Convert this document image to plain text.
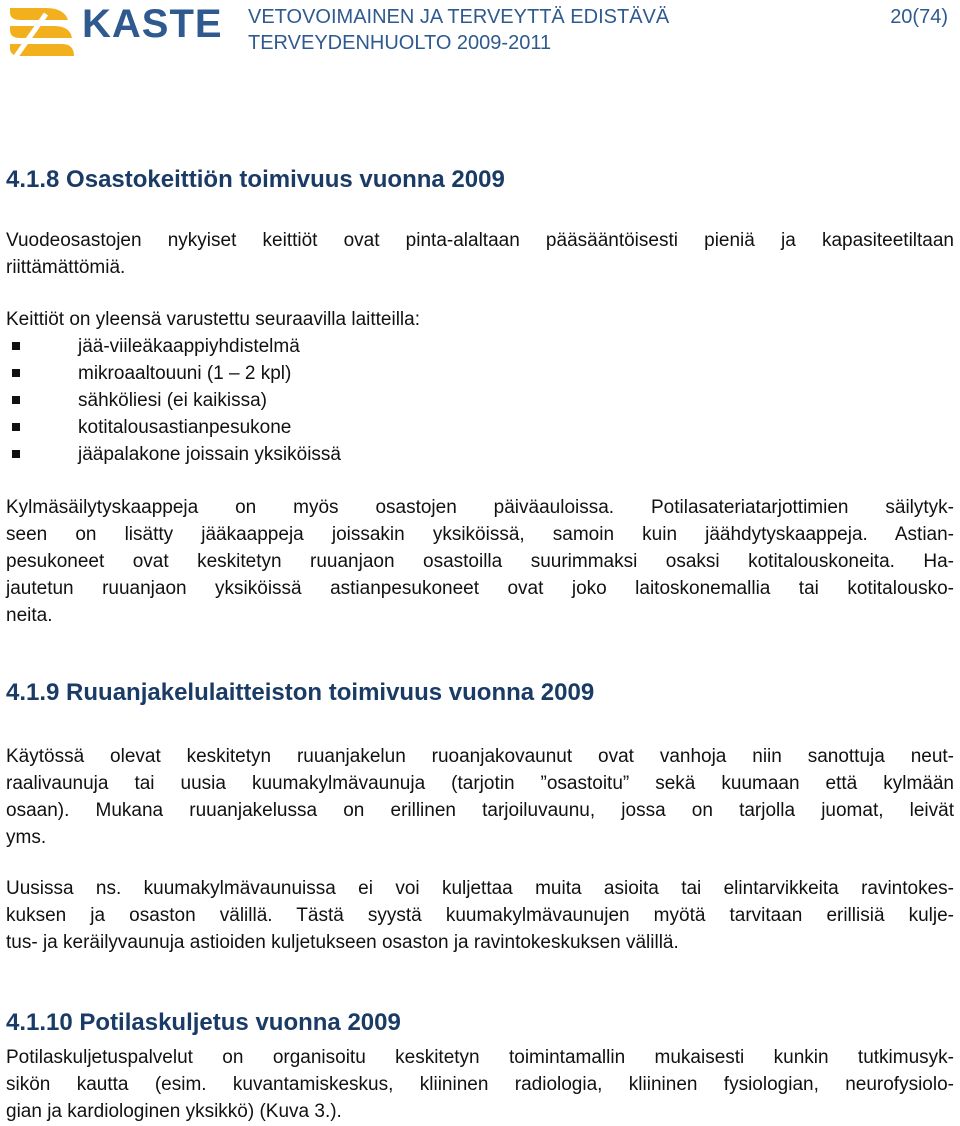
KASTE VETOVOIMAINEN JA TERVEYTTÄ EDISTÄVÄ
TERVEYDENHUOLTO 2009-2011
20(74)
4.1.8 Osastokeittiön toimivuus vuonna 2009
Vuodeosastojen nykyiset keittiöt ovat pinta-alaltaan pääsääntöisesti pieniä ja kapasiteetiltaan
riittämättömiä.
Keittiöt on yleensä varustettu seuraavilla laitteilla:
jää-viileäkaappiyhdistelmä
mikroaaltouuni (1 – 2 kpl)
sähköliesi (ei kaikissa)
kotitalousastianpesukone
jääpalakone joissain yksiköissä
Kylmäsäilytyskaappeja on myös osastojen päiväauloissa. Potilasateriatarjottimien säilytyk-
seen on lisätty jääkaappeja joissakin yksiköissä, samoin kuin jäähdytyskaappeja. Astian-
pesukoneet ovat keskitetyn ruuanjaon osastoilla suurimmaksi osaksi kotitalouskoneita. Ha-
jautetun ruuanjaon yksiköissä astianpesukoneet ovat joko laitoskonemallia tai kotitalousko-
neita.
4.1.9 Ruuanjakelulaitteiston toimivuus vuonna 2009
Käytössä olevat keskitetyn ruuanjakelun ruoanjakovaunut ovat vanhoja niin sanottuja neut-
raalivaunuja tai uusia kuumakylmävaunuja (tarjotin ”osastoitu” sekä kuumaan että kylmään
osaan). Mukana ruuanjakelussa on erillinen tarjoiluvaunu, jossa on tarjolla juomat, leivät
yms.
Uusissa ns. kuumakylmävaunuissa ei voi kuljettaa muita asioita tai elintarvikkeita ravintokes-
kuksen ja osaston välillä. Tästä syystä kuumakylmävaunujen myötä tarvitaan erillisiä kulje-
tus- ja keräilyvaunuja astioiden kuljetukseen osaston ja ravintokeskuksen välillä.
4.1.10 Potilaskuljetus vuonna 2009
Potilaskuljetuspalvelut on organisoitu keskitetyn toimintamallin mukaisesti kunkin tutkimusyk-
sikön kautta (esim. kuvantamiskeskus, kliininen radiologia, kliininen fysiologian, neurofysiolo-
gian ja kardiologinen yksikkö) (Kuva 3.).
